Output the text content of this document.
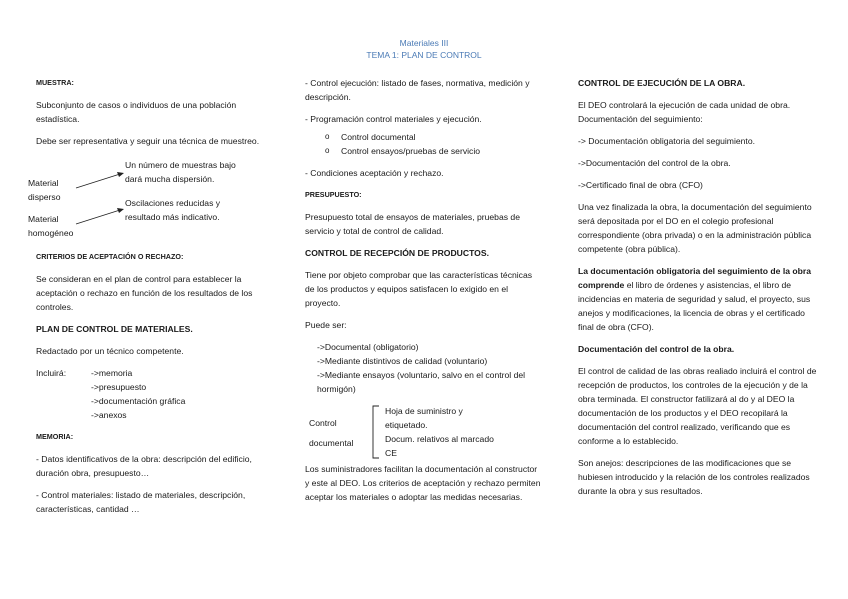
Materiales III
TEMA 1: PLAN DE CONTROL
MUESTRA:
Subconjunto de casos o individuos de una población estadística.
Debe ser representativa y seguir una técnica de muestreo.
Material
disperso
Un número de muestras bajo
dará mucha dispersión.
Material
homogéneo
Oscilaciones reducidas y
resultado más indicativo.
CRITERIOS DE ACEPTACIÓN O RECHAZO:
Se consideran en el plan de control para establecer la aceptación o rechazo en función de los resultados de los controles.
PLAN DE CONTROL DE MATERIALES.
Redactado por un técnico competente.
Incluirá:	->memoria
->presupuesto
->documentación gráfica
->anexos
MEMORIA:
- Datos identificativos de la obra: descripción del edificio, duración obra, presupuesto…
- Control materiales: listado de materiales, descripción, características, cantidad …
- Control ejecución: listado de fases, normativa, medición y descripción.
- Programación control materiales y ejecución.
o Control documental
o Control ensayos/pruebas de servicio
- Condiciones aceptación y rechazo.
PRESUPUESTO:
Presupuesto total de ensayos de materiales, pruebas de servicio y total de control de calidad.
CONTROL DE RECEPCIÓN DE PRODUCTOS.
Tiene por objeto comprobar que las características técnicas de los productos y equipos satisfacen lo exigido en el proyecto.
Puede ser:
->Documental (obligatorio)
->Mediante distintivos de calidad (voluntario)
->Mediante ensayos (voluntario, salvo en el control del hormigón)
Control
documental
Hoja de suministro y
etiquetado.
Docum. relativos al marcado
CE
Los suministradores facilitan la documentación al constructor y este al DEO. Los criterios de aceptación y rechazo permiten aceptar los materiales o adoptar las medidas necesarias.
CONTROL DE EJECUCIÓN DE LA OBRA.
El DEO controlará la ejecución de cada unidad de obra. Documentación del seguimiento:
-> Documentación obligatoria del seguimiento.
->Documentación del control de la obra.
->Certificado final de obra (CFO)
Una vez finalizada la obra, la documentación del seguimiento será depositada por el DO en el colegio profesional correspondiente (obra privada) o en la administración pública competente (obra pública).
La documentación obligatoria del seguimiento de la obra comprende el libro de órdenes y asistencias, el libro de incidencias en materia de seguridad y salud, el proyecto, sus anejos y modificaciones, la licencia de obras y el certificado final de obra (CFO).
Documentación del control de la obra.
El control de calidad de las obras realiado incluirá el control de recepción de productos, los controles de la ejecución y de la obra terminada. El constructor fatilizará al do y al DEO la documentación de los productos y el DEO recopilará la documentación del control realizado, verificando que es conforme a lo establecido.
Son anejos: descripciones de las modificaciones que se hubiesen introducido y la relación de los controles realizados durante la obra y sus resultados.
